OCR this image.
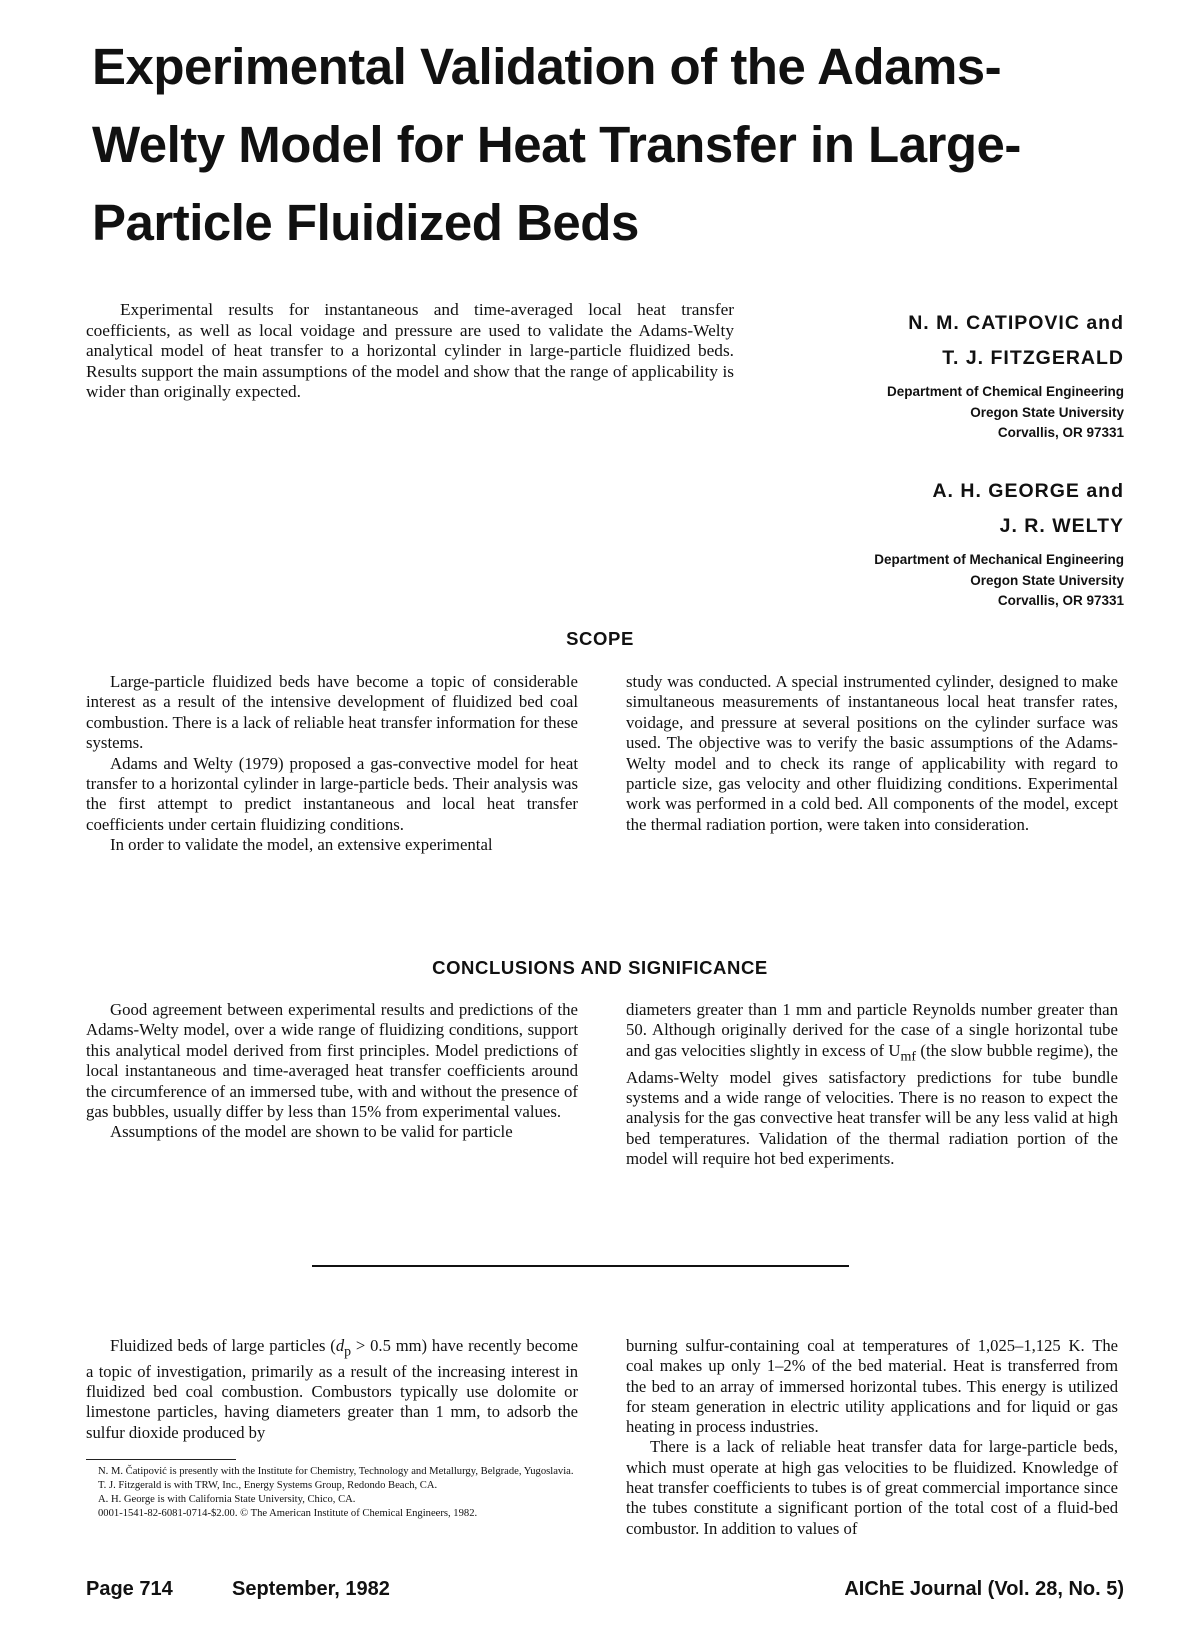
Experimental Validation of the Adams-
Welty Model for Heat Transfer in Large-
Particle Fluidized Beds

Experimental results for instantaneous and time-averaged local heat transfer coefficients, as well as local voidage and pressure are used to validate the Adams-Welty analytical model of heat transfer to a horizontal cylinder in large-particle fluidized beds. Results support the main assumptions of the model and show that the range of applicability is wider than originally expected.

N. M. CATIPOVIC and
T. J. FITZGERALD
Department of Chemical Engineering
Oregon State University
Corvallis, OR 97331
A. H. GEORGE and
J. R. WELTY
Department of Mechanical Engineering
Oregon State University
Corvallis, OR 97331
SCOPE

Large-particle fluidized beds have become a topic of considerable interest as a result of the intensive development of fluidized bed coal combustion. There is a lack of reliable heat transfer information for these systems.

Adams and Welty (1979) proposed a gas-convective model for heat transfer to a horizontal cylinder in large-particle beds. Their analysis was the first attempt to predict instantaneous and local heat transfer coefficients under certain fluidizing conditions.

In order to validate the model, an extensive experimental

study was conducted. A special instrumented cylinder, designed to make simultaneous measurements of instantaneous local heat transfer rates, voidage, and pressure at several positions on the cylinder surface was used. The objective was to verify the basic assumptions of the Adams-Welty model and to check its range of applicability with regard to particle size, gas velocity and other fluidizing conditions. Experimental work was performed in a cold bed. All components of the model, except the thermal radiation portion, were taken into consideration.

CONCLUSIONS AND SIGNIFICANCE

Good agreement between experimental results and predictions of the Adams-Welty model, over a wide range of fluidizing conditions, support this analytical model derived from first principles. Model predictions of local instantaneous and time-averaged heat transfer coefficients around the circumference of an immersed tube, with and without the presence of gas bubbles, usually differ by less than 15% from experimental values.

Assumptions of the model are shown to be valid for particle

diameters greater than 1 mm and particle Reynolds number greater than 50. Although originally derived for the case of a single horizontal tube and gas velocities slightly in excess of $U_{mf}$ (the slow bubble regime), the Adams-Welty model gives satisfactory predictions for tube bundle systems and a wide range of velocities. There is no reason to expect the analysis for the gas convective heat transfer will be any less valid at high bed temperatures. Validation of the thermal radiation portion of the model will require hot bed experiments.

Fluidized beds of large particles ($d_p > 0.5$ mm) have recently become a topic of investigation, primarily as a result of the increasing interest in fluidized bed coal combustion. Combustors typically use dolomite or limestone particles, having diameters greater than 1 mm, to adsorb the sulfur dioxide produced by

burning sulfur-containing coal at temperatures of 1,025–1,125 K. The coal makes up only 1–2% of the bed material. Heat is transferred from the bed to an array of immersed horizontal tubes. This energy is utilized for steam generation in electric utility applications and for liquid or gas heating in process industries.

There is a lack of reliable heat transfer data for large-particle beds, which must operate at high gas velocities to be fluidized. Knowledge of heat transfer coefficients to tubes is of great commercial importance since the tubes constitute a significant portion of the total cost of a fluid-bed combustor. In addition to values of

N. M. Čatipović is presently with the Institute for Chemistry, Technology and Metallurgy, Belgrade, Yugoslavia.
T. J. Fitzgerald is with TRW, Inc., Energy Systems Group, Redondo Beach, CA.
A. H. George is with California State University, Chico, CA.
0001-1541-82-6081-0714-$2.00. © The American Institute of Chemical Engineers, 1982.
Page 714	September, 1982	AIChE Journal (Vol. 28, No. 5)
